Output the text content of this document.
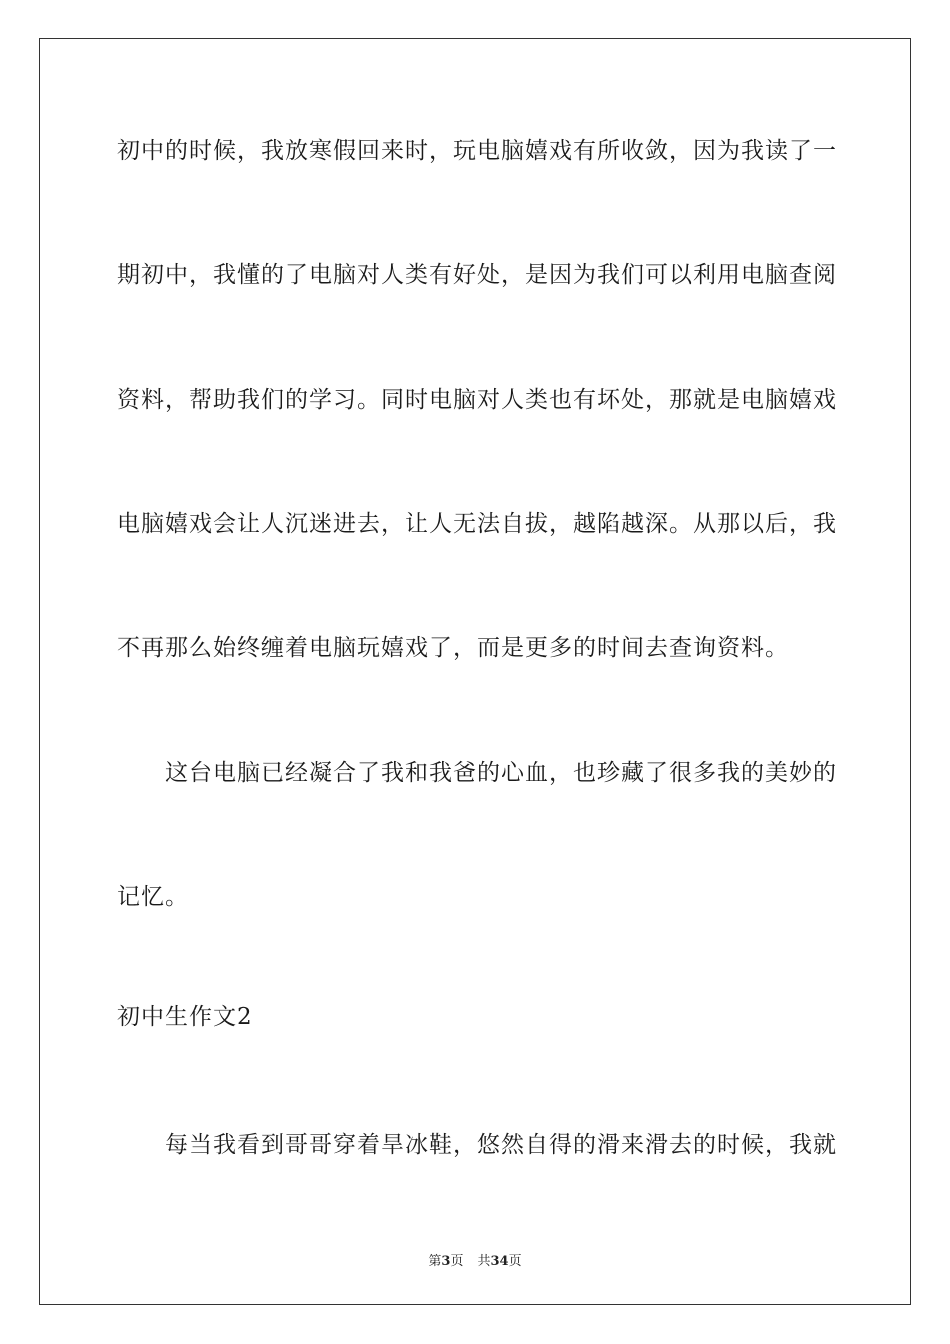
初中的时候，我放寒假回来时，玩电脑嬉戏有所收敛，因为我读了一
期初中，我懂的了电脑对人类有好处，是因为我们可以利用电脑查阅
资料，帮助我们的学习。同时电脑对人类也有坏处，那就是电脑嬉戏
电脑嬉戏会让人沉迷进去，让人无法自拔，越陷越深。从那以后，我
不再那么始终缠着电脑玩嬉戏了，而是更多的时间去查询资料。
这台电脑已经凝合了我和我爸的心血，也珍藏了很多我的美妙的
记忆。
初中生作文2
每当我看到哥哥穿着旱冰鞋，悠然自得的滑来滑去的时候，我就
第3页 共34页
